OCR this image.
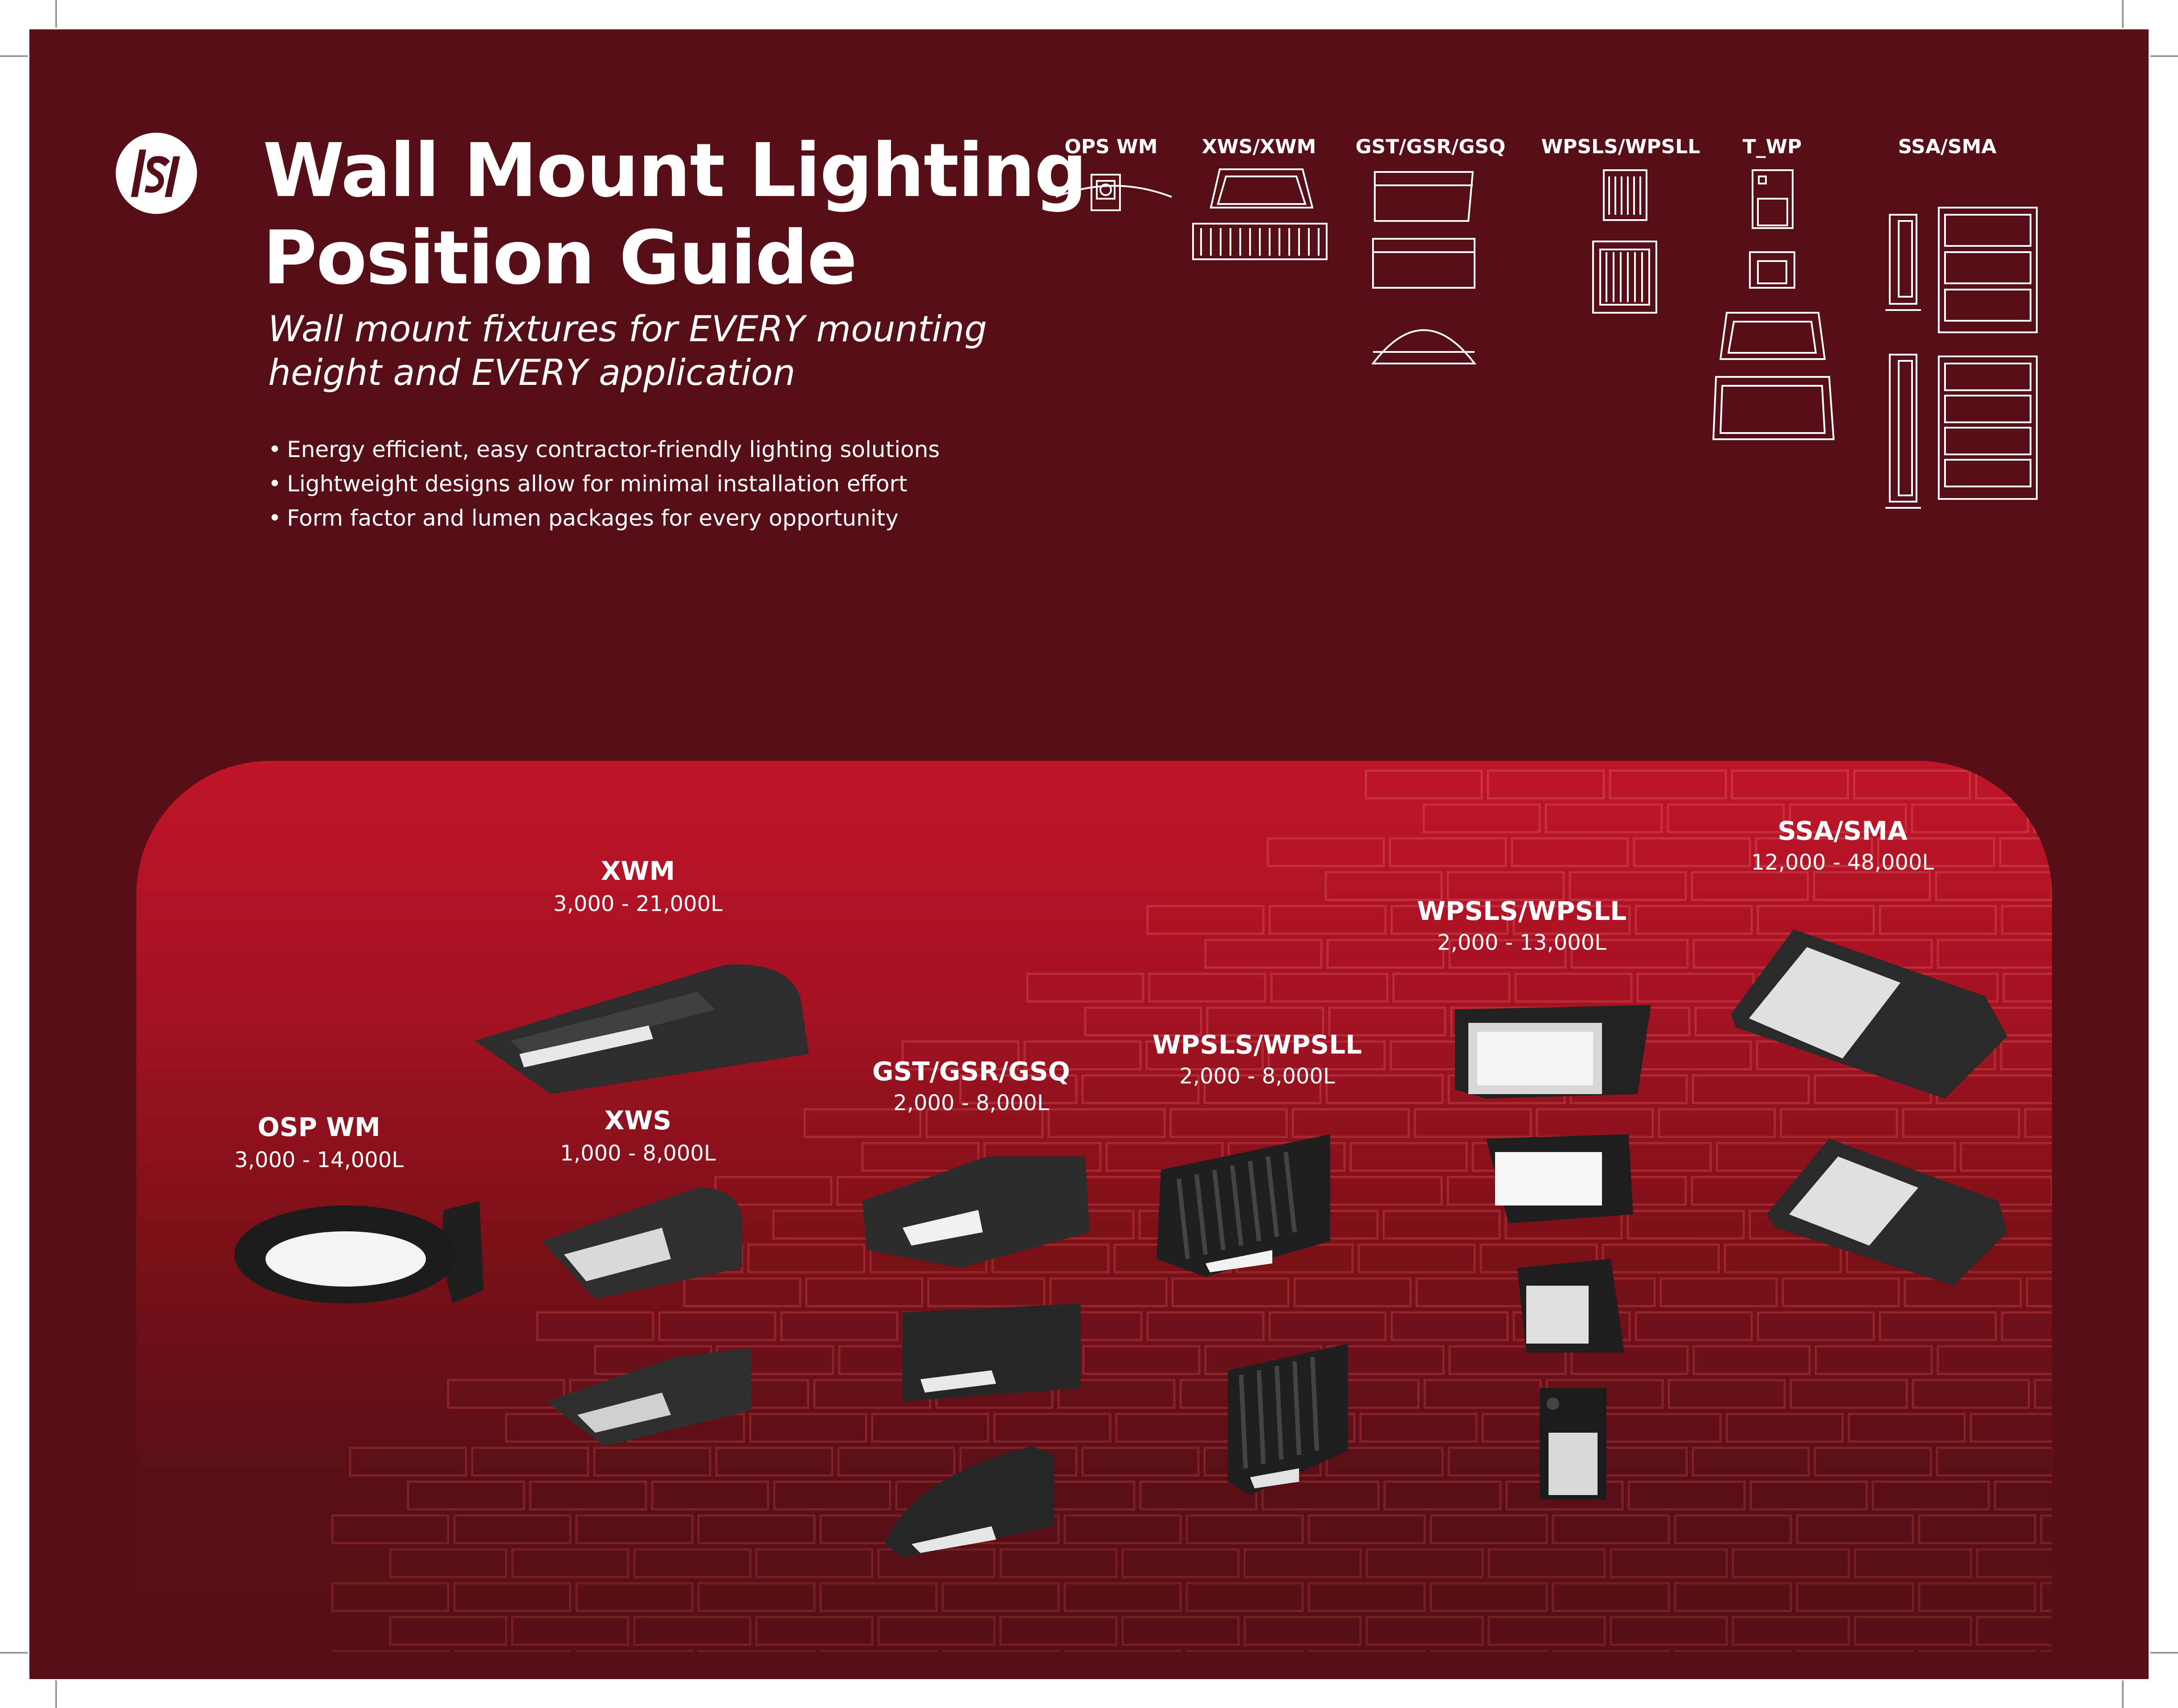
Wall Mount Lighting
Position Guide

Wall mount fixtures for EVERY mounting
height and EVERY application

• Energy efficient, easy contractor-friendly lighting solutions
• Lightweight designs allow for minimal installation effort
• Form factor and lumen packages for every opportunity
OPS WM XWS/XWM GST/GSR/GSQ WPSLS/WPSLL T_WP	SSA/SMA
OSP WM
3,000 - 14,000L
XWM
3,000 - 21,000L
XWS
1,000 - 8,000L
GST/GSR/GSQ
2,000 - 8,000L
WPSLS/WPSLL
2,000 - 8,000L
WPSLS/WPSLL
2,000 - 13,000L
SSA/SMA
12,000 - 48,000L
